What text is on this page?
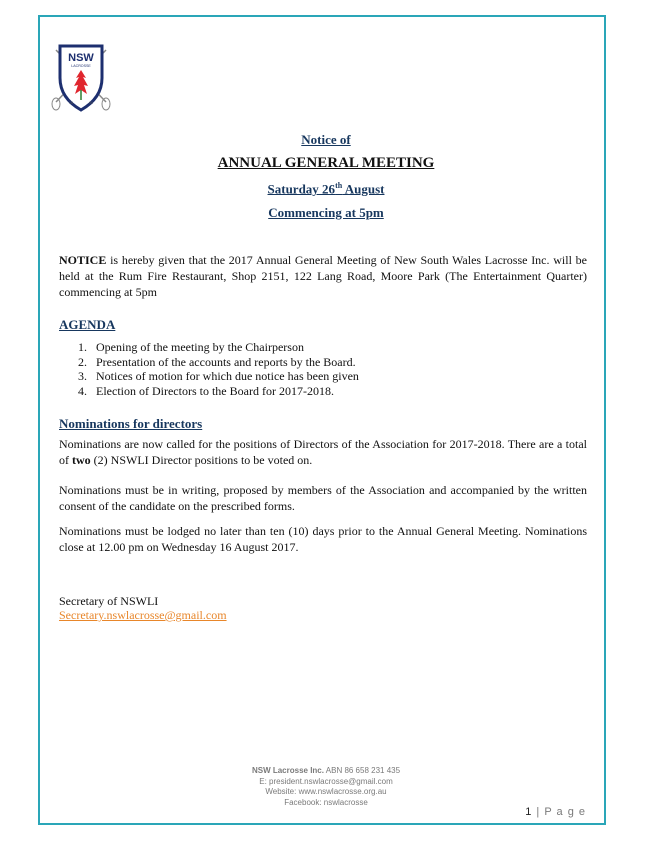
NSW
LACROSSE
18	90
Notice of
ANNUAL GENERAL MEETING
Saturday 26th August
Commencing at 5pm
NOTICE is hereby given that the 2017 Annual General Meeting of New South Wales Lacrosse Inc. will be held at the Rum Fire Restaurant, Shop 2151, 122 Lang Road, Moore Park (The Entertainment Quarter) commencing at 5pm
AGENDA
1. Opening of the meeting by the Chairperson
2. Presentation of the accounts and reports by the Board.
3. Notices of motion for which due notice has been given
4. Election of Directors to the Board for 2017-2018.
Nominations for directors
Nominations are now called for the positions of Directors of the Association for 2017-2018. There are a total of two (2) NSWLI Director positions to be voted on.
Nominations must be in writing, proposed by members of the Association and accompanied by the written consent of the candidate on the prescribed forms.
Nominations must be lodged no later than ten (10) days prior to the Annual General Meeting. Nominations close at 12.00 pm on Wednesday 16 August 2017.
Secretary of NSWLI
Secretary.nswlacrosse@gmail.com
NSW Lacrosse Inc. ABN 86 658 231 435
E: president.nswlacrosse@gmail.com
Website: www.nswlacrosse.org.au
Facebook: nswlacrosse
1 | P a g e
